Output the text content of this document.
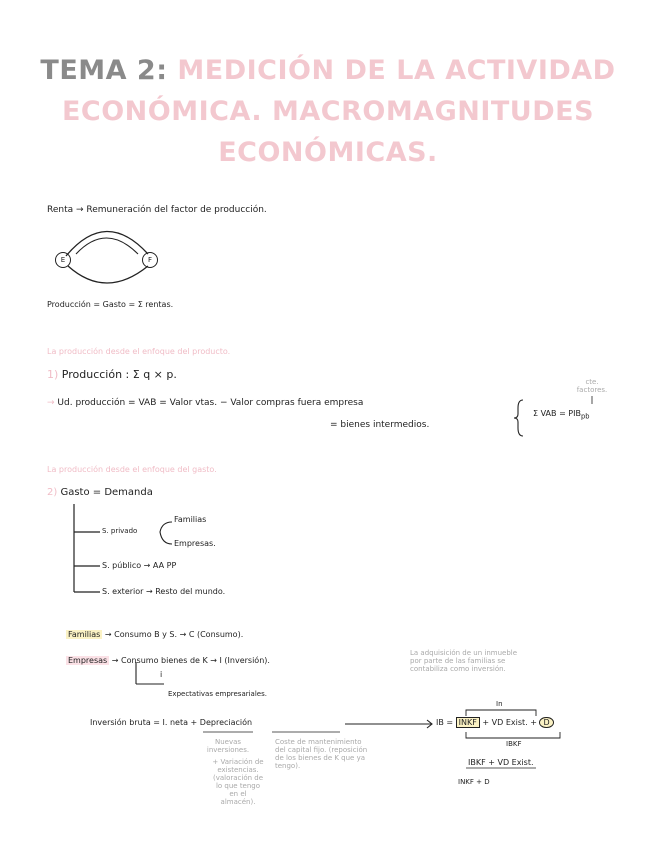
TEMA 2: MEDICIÓN DE LA ACTIVIDAD
ECONÓMICA. MACROMAGNITUDES
ECONÓMICAS.
Renta → Remuneración del factor de producción.
E	F
Producción = Gasto = Σ rentas.
La producción desde el enfoque del producto.
1) Producción : Σ q × p.
→ Ud. producción = VAB = Valor vtas. − Valor compras fuera empresa
= bienes intermedios.
Σ VAB = $PIB_{pb}$
cte. factores.
La producción desde el enfoque del gasto.
2) Gasto = Demanda
S. privado
Familias
Empresas.
S. público → AA PP
S. exterior → Resto del mundo.
Familias → Consumo B y S. → C (Consumo).
Empresas → Consumo bienes de K → I (Inversión).
La adquisición de un inmueble por parte de las familias se contabiliza como inversión.
i
Expectativas empresariales.
Inversión bruta = I. neta + Depreciación	IB = INKF + VD Exist. + D
In
IBKF
IBKF + VD Exist.
INKF + D
Nuevas inversiones.
+ Variación de existencias. (valoración de lo que tengo en el almacén).
Coste de mantenimiento del capital fijo. (reposición de los bienes de K que ya tengo).
